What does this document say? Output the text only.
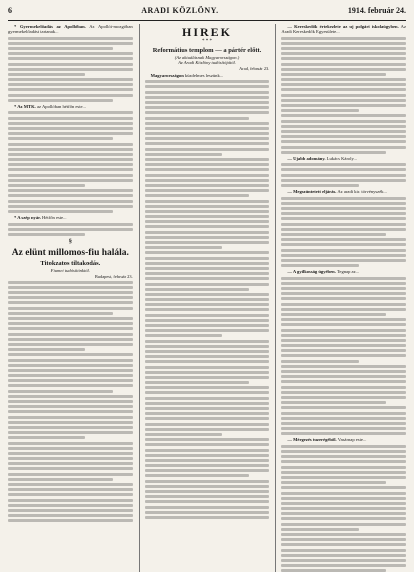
6	ARADI KÖZLÖNY.	1914. február 24.

* Gyermekelőadás az Apollóban. Az Apollói-mozgóban gyermekelőadást tartanak...

* Az MTK. az Apollóban hétfőn este...

* A szép nyár. Hétfőn este...

§
Az elünt millomos-fiu halála.
Titokzatos tiltakodás.
Fiumei tudósítónktól.
Budapest, február 23.
HIREK
* * *
Reformátius templom — a pártér előtt.
(Az aktuálásnak Magyarországon.)
Az Aradi Közlöny tudósítójától.
Arad, február 23.

Magyarországon küzdelmes leszünk...

— Kereskedők értekezlete az uj polgári iskolaügyben. Az Aradi Kereskedők Egyesülete...

— Ujabb adomány. Lukács Károly...

— Megszüntetett eljárás. Az aradi kir. törvényszék...

— A gyilkosság ügyében. Tegnap az...

— Mérgezés tuzerégéből. Vasárnap este...
